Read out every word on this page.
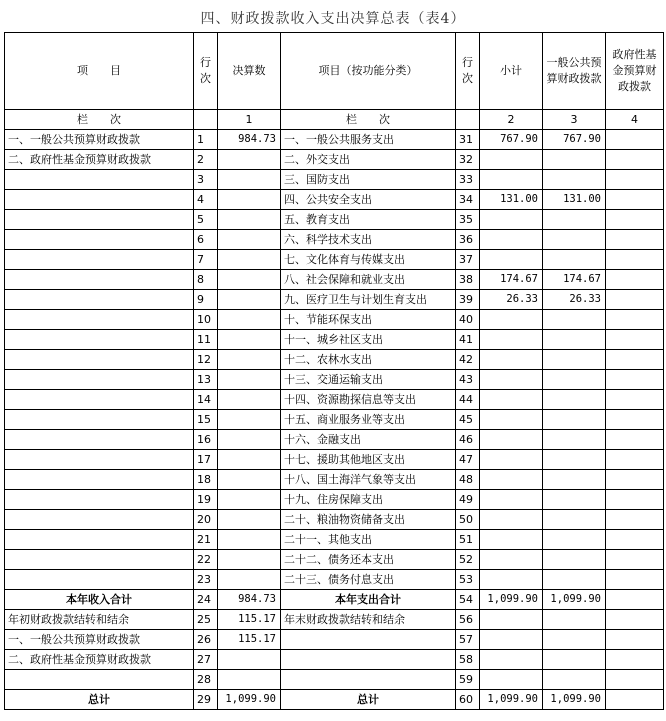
四、财政拨款收入支出决算总表（表4）
项　　目	行次	决算数	项目（按功能分类）	行次	小计	一般公共预算财政拨款	政府性基金预算财政拨款
栏　　次		1	栏　　次		2	3	4
一、一般公共预算财政拨款	1	984.73	一、一般公共服务支出	31	767.90	767.90	
二、政府性基金预算财政拨款	2		二、外交支出	32			
	3		三、国防支出	33			
	4		四、公共安全支出	34	131.00	131.00	
	5		五、教育支出	35			
	6		六、科学技术支出	36			
	7		七、文化体育与传媒支出	37			
	8		八、社会保障和就业支出	38	174.67	174.67	
	9		九、医疗卫生与计划生育支出	39	26.33	26.33	
	10		十、节能环保支出	40			
	11		十一、城乡社区支出	41			
	12		十二、农林水支出	42			
	13		十三、交通运输支出	43			
	14		十四、资源勘探信息等支出	44			
	15		十五、商业服务业等支出	45			
	16		十六、金融支出	46			
	17		十七、援助其他地区支出	47			
	18		十八、国土海洋气象等支出	48			
	19		十九、住房保障支出	49			
	20		二十、粮油物资储备支出	50			
	21		二十一、其他支出	51			
	22		二十二、债务还本支出	52			
	23		二十三、债务付息支出	53			
本年收入合计	24	984.73	本年支出合计	54	1,099.90	1,099.90	
年初财政拨款结转和结余	25	115.17	年末财政拨款结转和结余	56			
一、一般公共预算财政拨款	26	115.17		57			
二、政府性基金预算财政拨款	27			58			
	28			59			
总计	29	1,099.90	总计	60	1,099.90	1,099.90	
